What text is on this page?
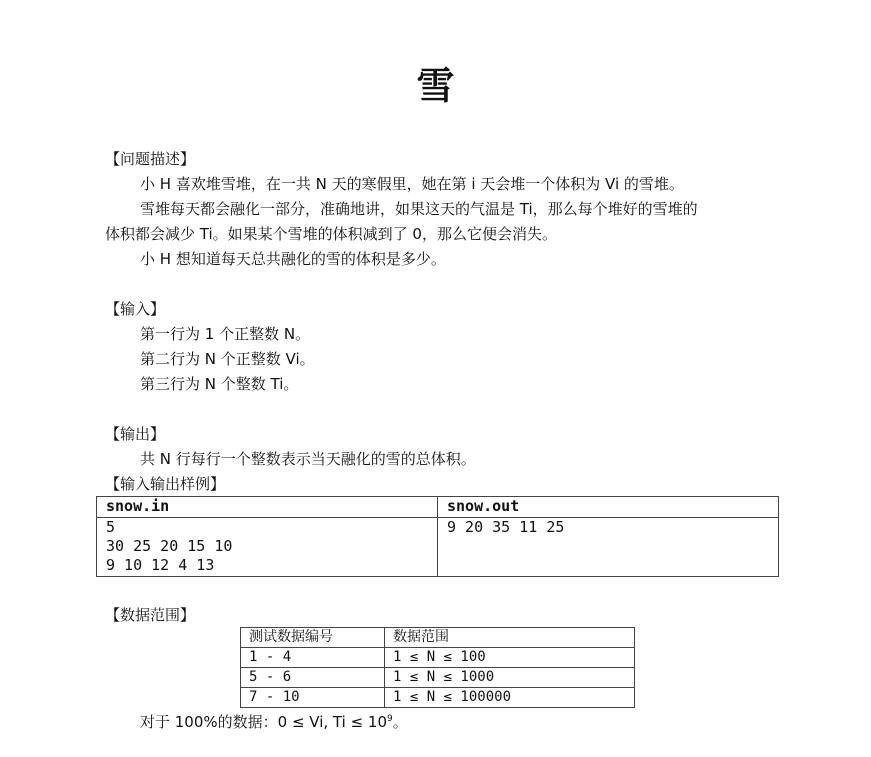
雪
【问题描述】
小 H 喜欢堆雪堆，在一共 N 天的寒假里，她在第 i 天会堆一个体积为 Vi 的雪堆。
雪堆每天都会融化一部分，准确地讲，如果这天的气温是 Ti，那么每个堆好的雪堆的
体积都会减少 Ti。如果某个雪堆的体积减到了 0，那么它便会消失。
小 H 想知道每天总共融化的雪的体积是多少。
【输入】
第一行为 1 个正整数 N。
第二行为 N 个正整数 Vi。
第三行为 N 个整数 Ti。
【输出】
共 N 行每行一个整数表示当天融化的雪的总体积。
【输入输出样例】
snow.in	snow.out

5
30 25 20 15 10
9 10 12 4 13	9 20 35 11 25
【数据范围】
测试数据编号	数据范围
1 - 4	1 ≤ N ≤ 100
5 - 6	1 ≤ N ≤ 1000
7 - 10	1 ≤ N ≤ 100000
对于 100%的数据：0 ≤ Vi, $Ti \le 10^9$。
